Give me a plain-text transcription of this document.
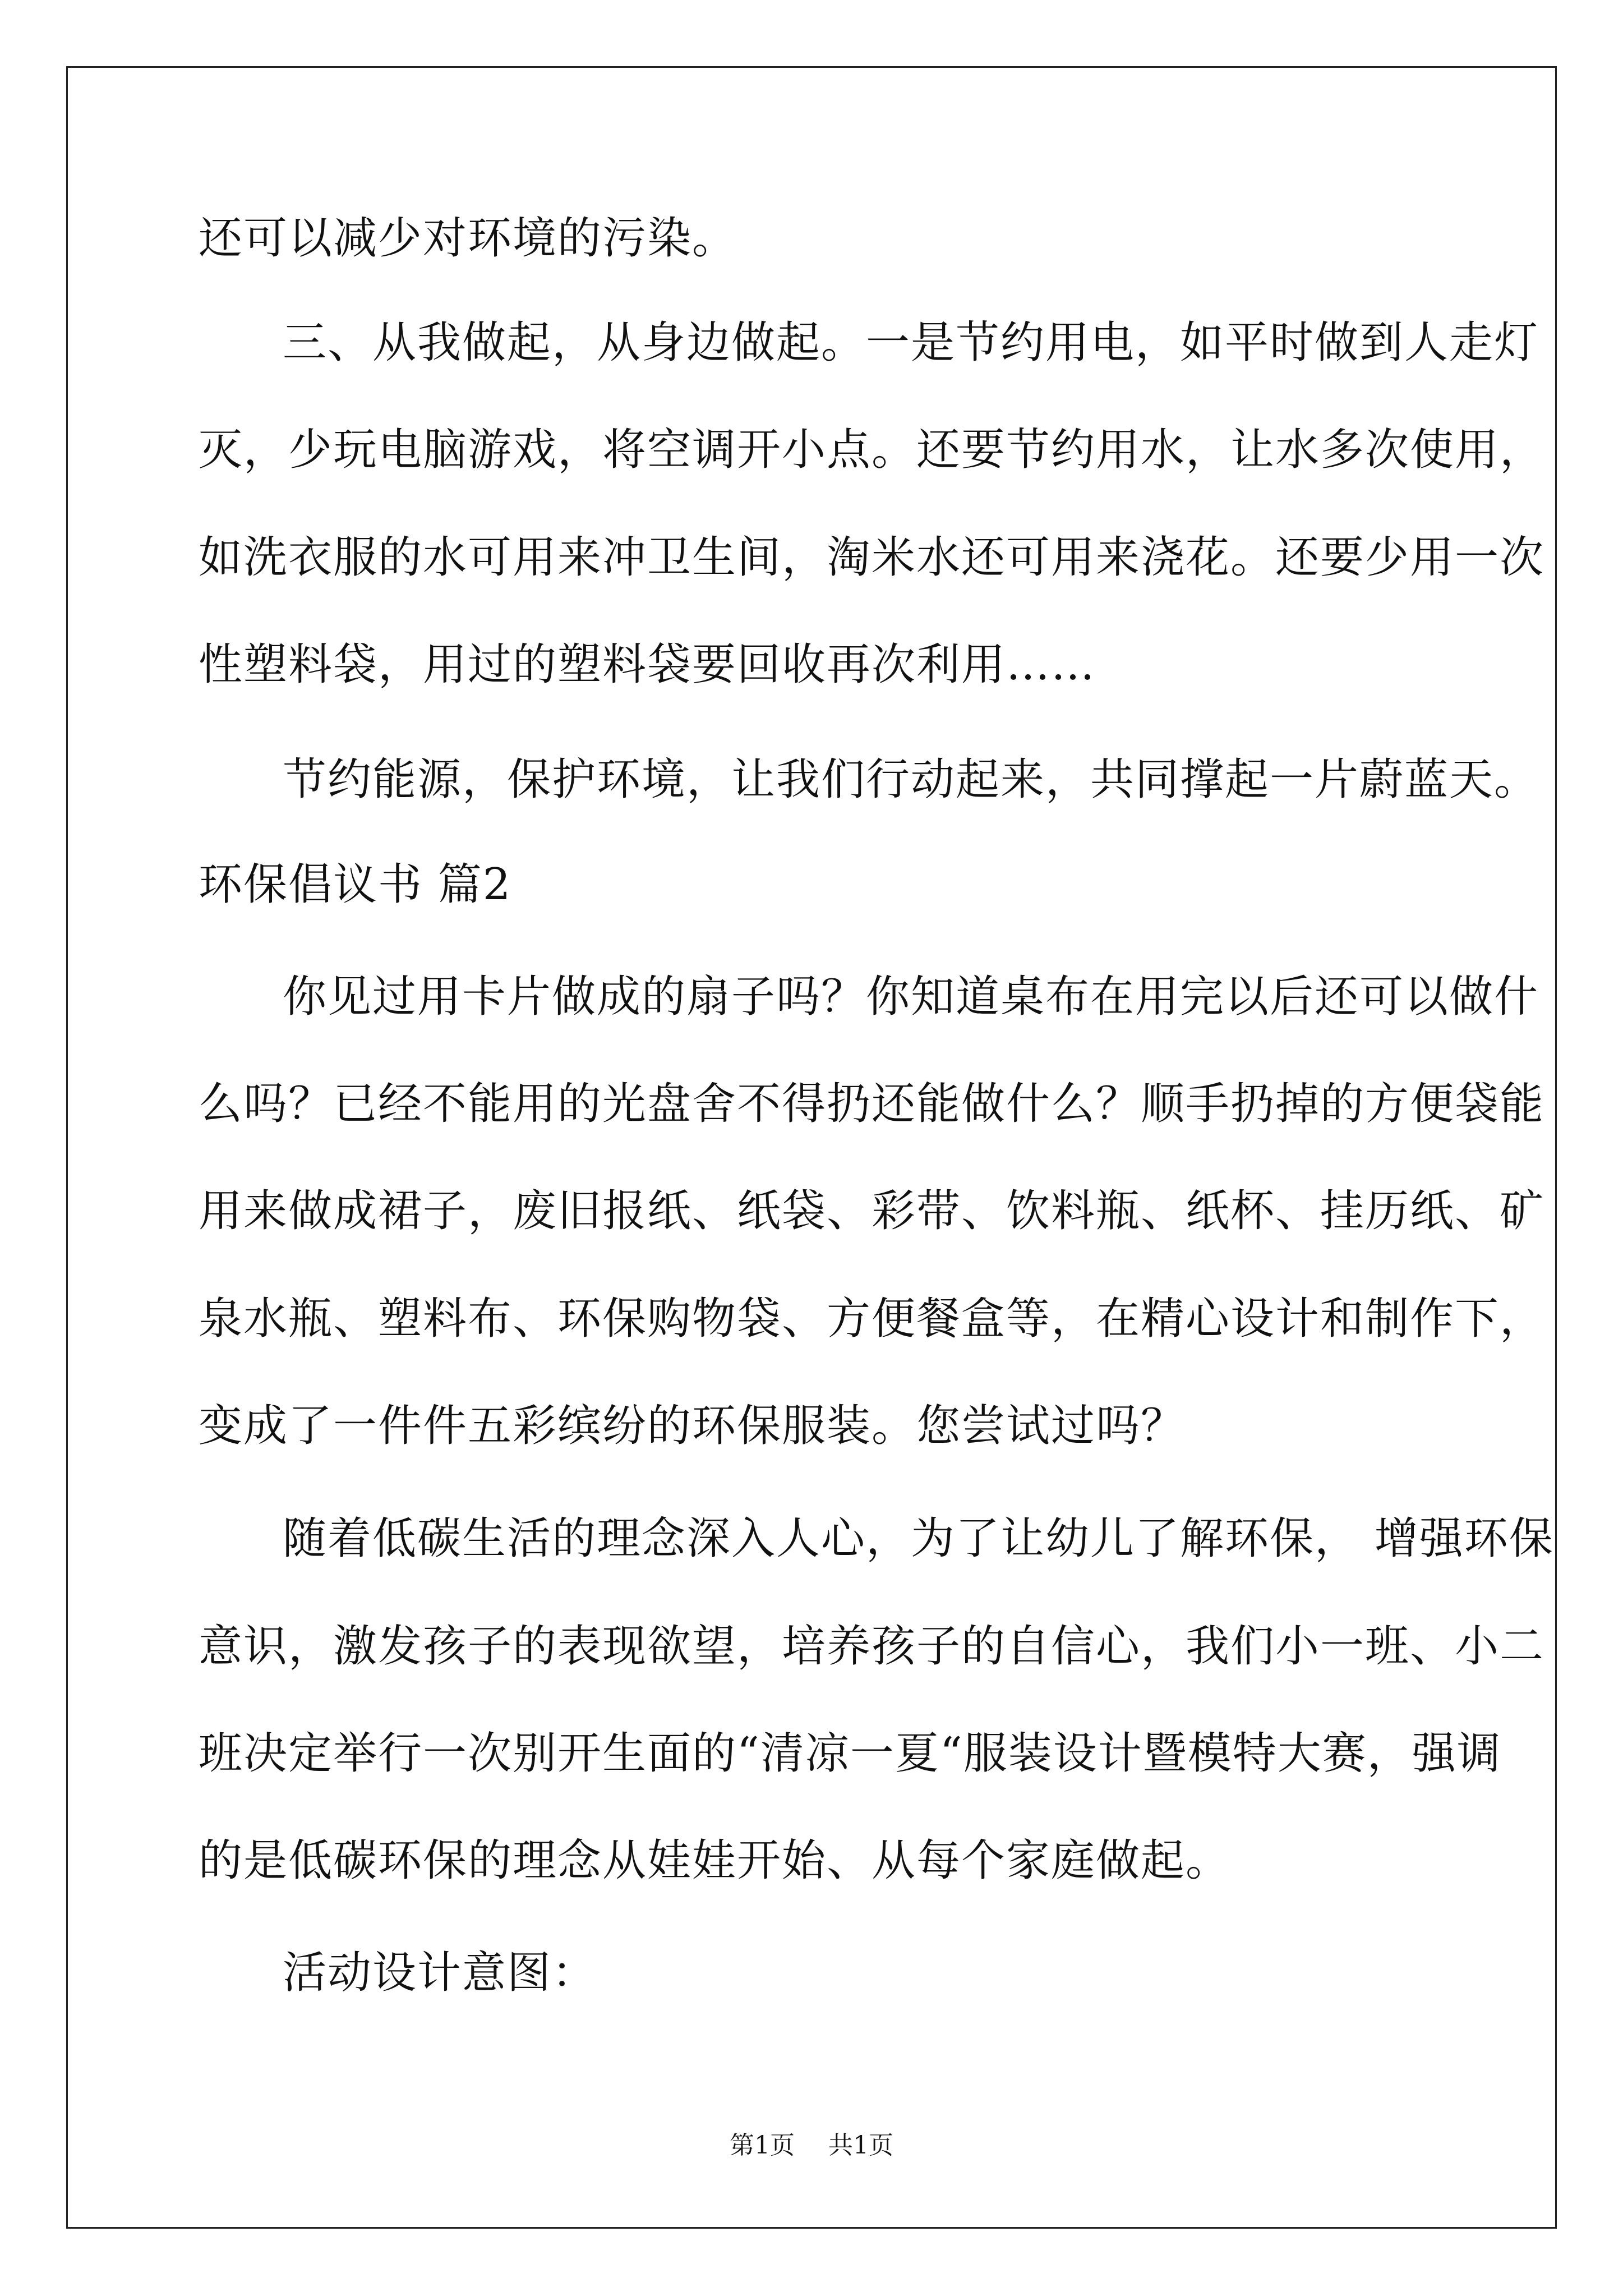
还可以减少对环境的污染。
三、从我做起，从身边做起。一是节约用电，如平时做到人走灯
灭，少玩电脑游戏，将空调开小点。还要节约用水，让水多次使用，
如洗衣服的水可用来冲卫生间，淘米水还可用来浇花。还要少用一次
性塑料袋，用过的塑料袋要回收再次利用……
节约能源，保护环境，让我们行动起来，共同撑起一片蔚蓝天。
环保倡议书 篇2
你见过用卡片做成的扇子吗？你知道桌布在用完以后还可以做什
么吗？已经不能用的光盘舍不得扔还能做什么？顺手扔掉的方便袋能
用来做成裙子，废旧报纸、纸袋、彩带、饮料瓶、纸杯、挂历纸、矿
泉水瓶、塑料布、环保购物袋、方便餐盒等，在精心设计和制作下，
变成了一件件五彩缤纷的环保服装。您尝试过吗？
随着低碳生活的理念深入人心，为了让幼儿了解环保， 增强环保
意识，激发孩子的表现欲望，培养孩子的自信心，我们小一班、小二
班决定举行一次别开生面的“清凉一夏“服装设计暨模特大赛，强调
的是低碳环保的理念从娃娃开始、从每个家庭做起。
活动设计意图：
第1页 共1页
